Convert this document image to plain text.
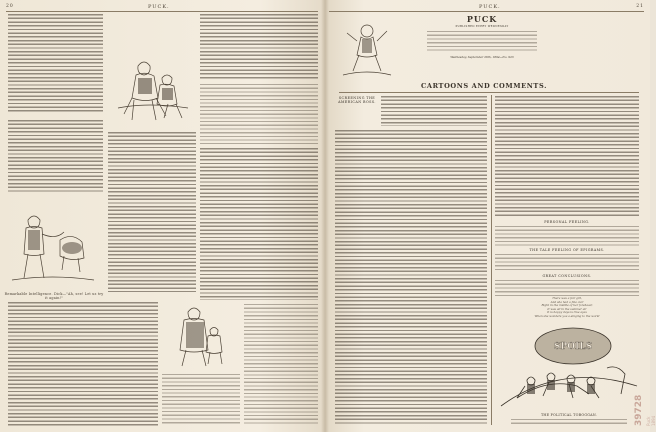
20	PUCK.
Remarkable Intelligence. Dick—"Ah, see! Let us try it again!"
PUCK.	21
PUCK
PUBLISHED EVERY WEDNESDAY
Wednesday, September 26th, 1894—No. 923
CARTOONS AND COMMENTS.
SCREENING THE AMERICAN BOSS.
PERSONAL FEELING.
THE TALE FEELING OF EPIGRAMS.
GREAT CONCLUSIONS.
There was a fair girl,
And she had a fine curl
Right in the middle of her forehead;
It was all in the summer air
It is happy days is true eyes
When she wonders you a-singing to the world
SPOILS
THE POLITICAL TOBOGGAN.	39728 Puck 1894
